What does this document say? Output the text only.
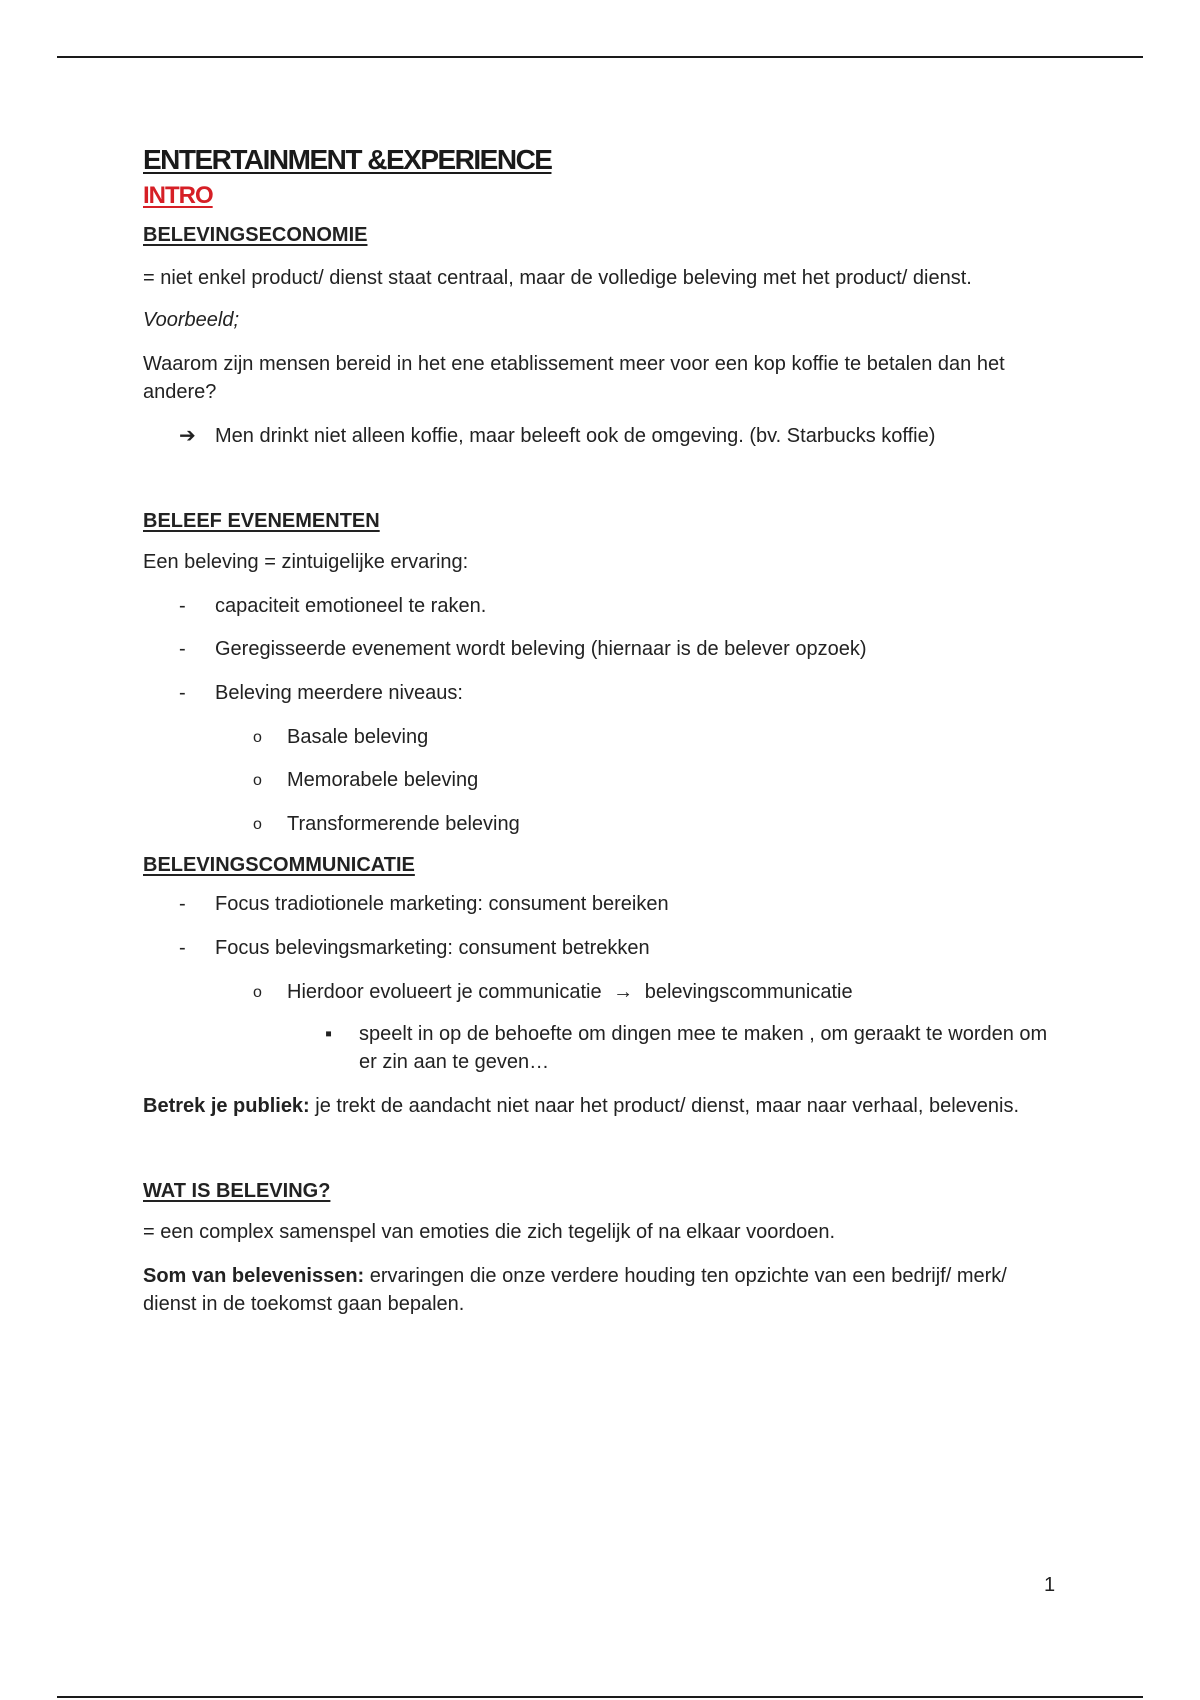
ENTERTAINMENT &EXPERIENCE
INTRO
BELEVINGSECONOMIE

= niet enkel product/ dienst staat centraal, maar de volledige beleving met het product/ dienst.

Voorbeeld;

Waarom zijn mensen bereid in het ene etablissement meer voor een kop koffie te betalen dan het andere?

➔ Men drinkt niet alleen koffie, maar beleeft ook de omgeving. (bv. Starbucks koffie)
BELEEF EVENEMENTEN

Een beleving = zintuigelijke ervaring:

- capaciteit emotioneel te raken.
- Geregisseerde evenement wordt beleving (hiernaar is de belever opzoek)
- Beleving meerdere niveaus:
o Basale beleving
o Memorabele beleving
o Transformerende beleving
BELEVINGSCOMMUNICATIE
- Focus tradiotionele marketing: consument bereiken
- Focus belevingsmarketing: consument betrekken
o Hierdoor evolueert je communicatie → belevingscommunicatie
▪ speelt in op de behoefte om dingen mee te maken , om geraakt te worden om er zin aan te geven…

Betrek je publiek: je trekt de aandacht niet naar het product/ dienst, maar naar verhaal, belevenis.

WAT IS BELEVING?

= een complex samenspel van emoties die zich tegelijk of na elkaar voordoen.

Som van belevenissen: ervaringen die onze verdere houding ten opzichte van een bedrijf/ merk/ dienst in de toekomst gaan bepalen.

1
